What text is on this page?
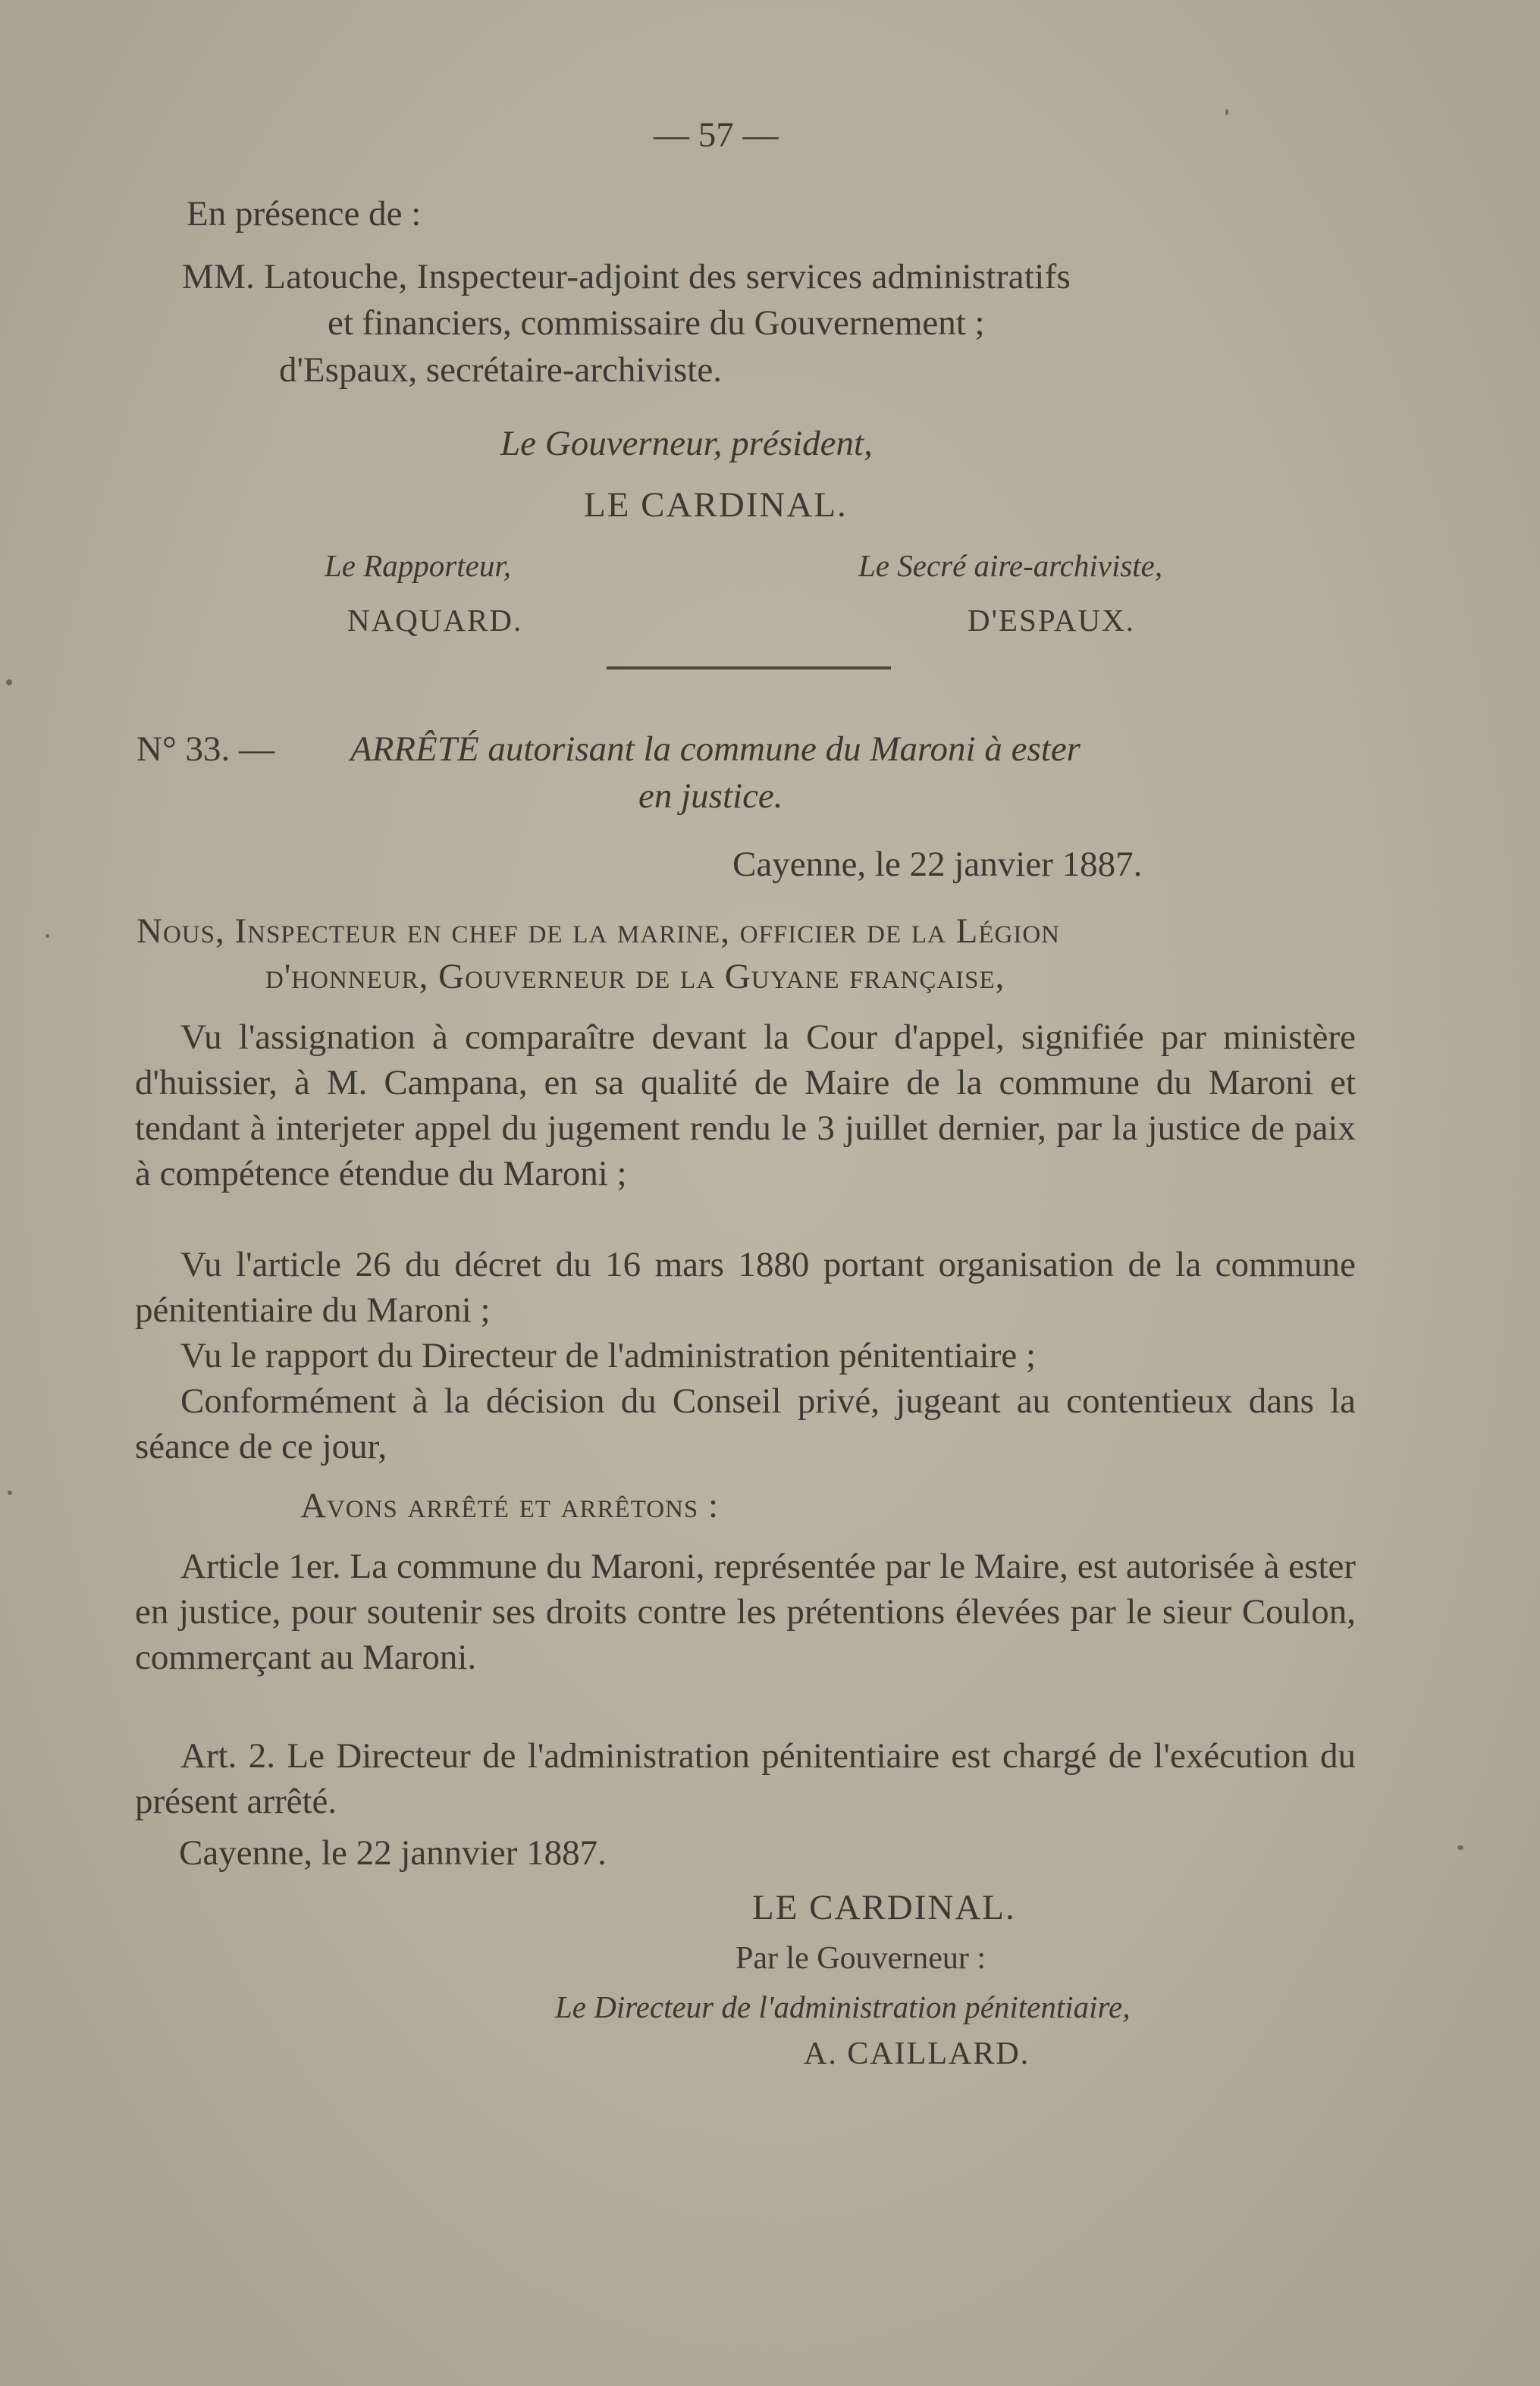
— 57 —
En présence de :
MM. Latouche, Inspecteur-adjoint des services administratifs
et financiers, commissaire du Gouvernement ;
d'Espaux, secrétaire-archiviste.
Le Gouverneur, président,
LE CARDINAL.
Le Rapporteur,
NAQUARD.
Le Secré aire-archiviste,
D'ESPAUX.
N° 33. — ARRÊTÉ autorisant la commune du Maroni à ester
en justice.
Cayenne, le 22 janvier 1887.
Nous, Inspecteur en chef de la marine, officier de la Légion
d'honneur, Gouverneur de la Guyane française,
Vu l'assignation à comparaître devant la Cour d'appel, signifiée par ministère d'huissier, à M. Campana, en sa qualité de Maire de la commune du Maroni et tendant à interjeter appel du jugement rendu le 3 juillet dernier, par la justice de paix à compétence étendue du Maroni ;
Vu l'article 26 du décret du 16 mars 1880 portant organisation de la commune pénitentiaire du Maroni ;
Vu le rapport du Directeur de l'administration pénitentiaire ;
Conformément à la décision du Conseil privé, jugeant au contentieux dans la séance de ce jour,
Avons arrêté et arrêtons :
Article 1er. La commune du Maroni, représentée par le Maire, est autorisée à ester en justice, pour soutenir ses droits contre les prétentions élevées par le sieur Coulon, commerçant au Maroni.
Art. 2. Le Directeur de l'administration pénitentiaire est chargé de l'exécution du présent arrêté.
Cayenne, le 22 jannvier 1887.
LE CARDINAL.
Par le Gouverneur :
Le Directeur de l'administration pénitentiaire,
A. CAILLARD.
